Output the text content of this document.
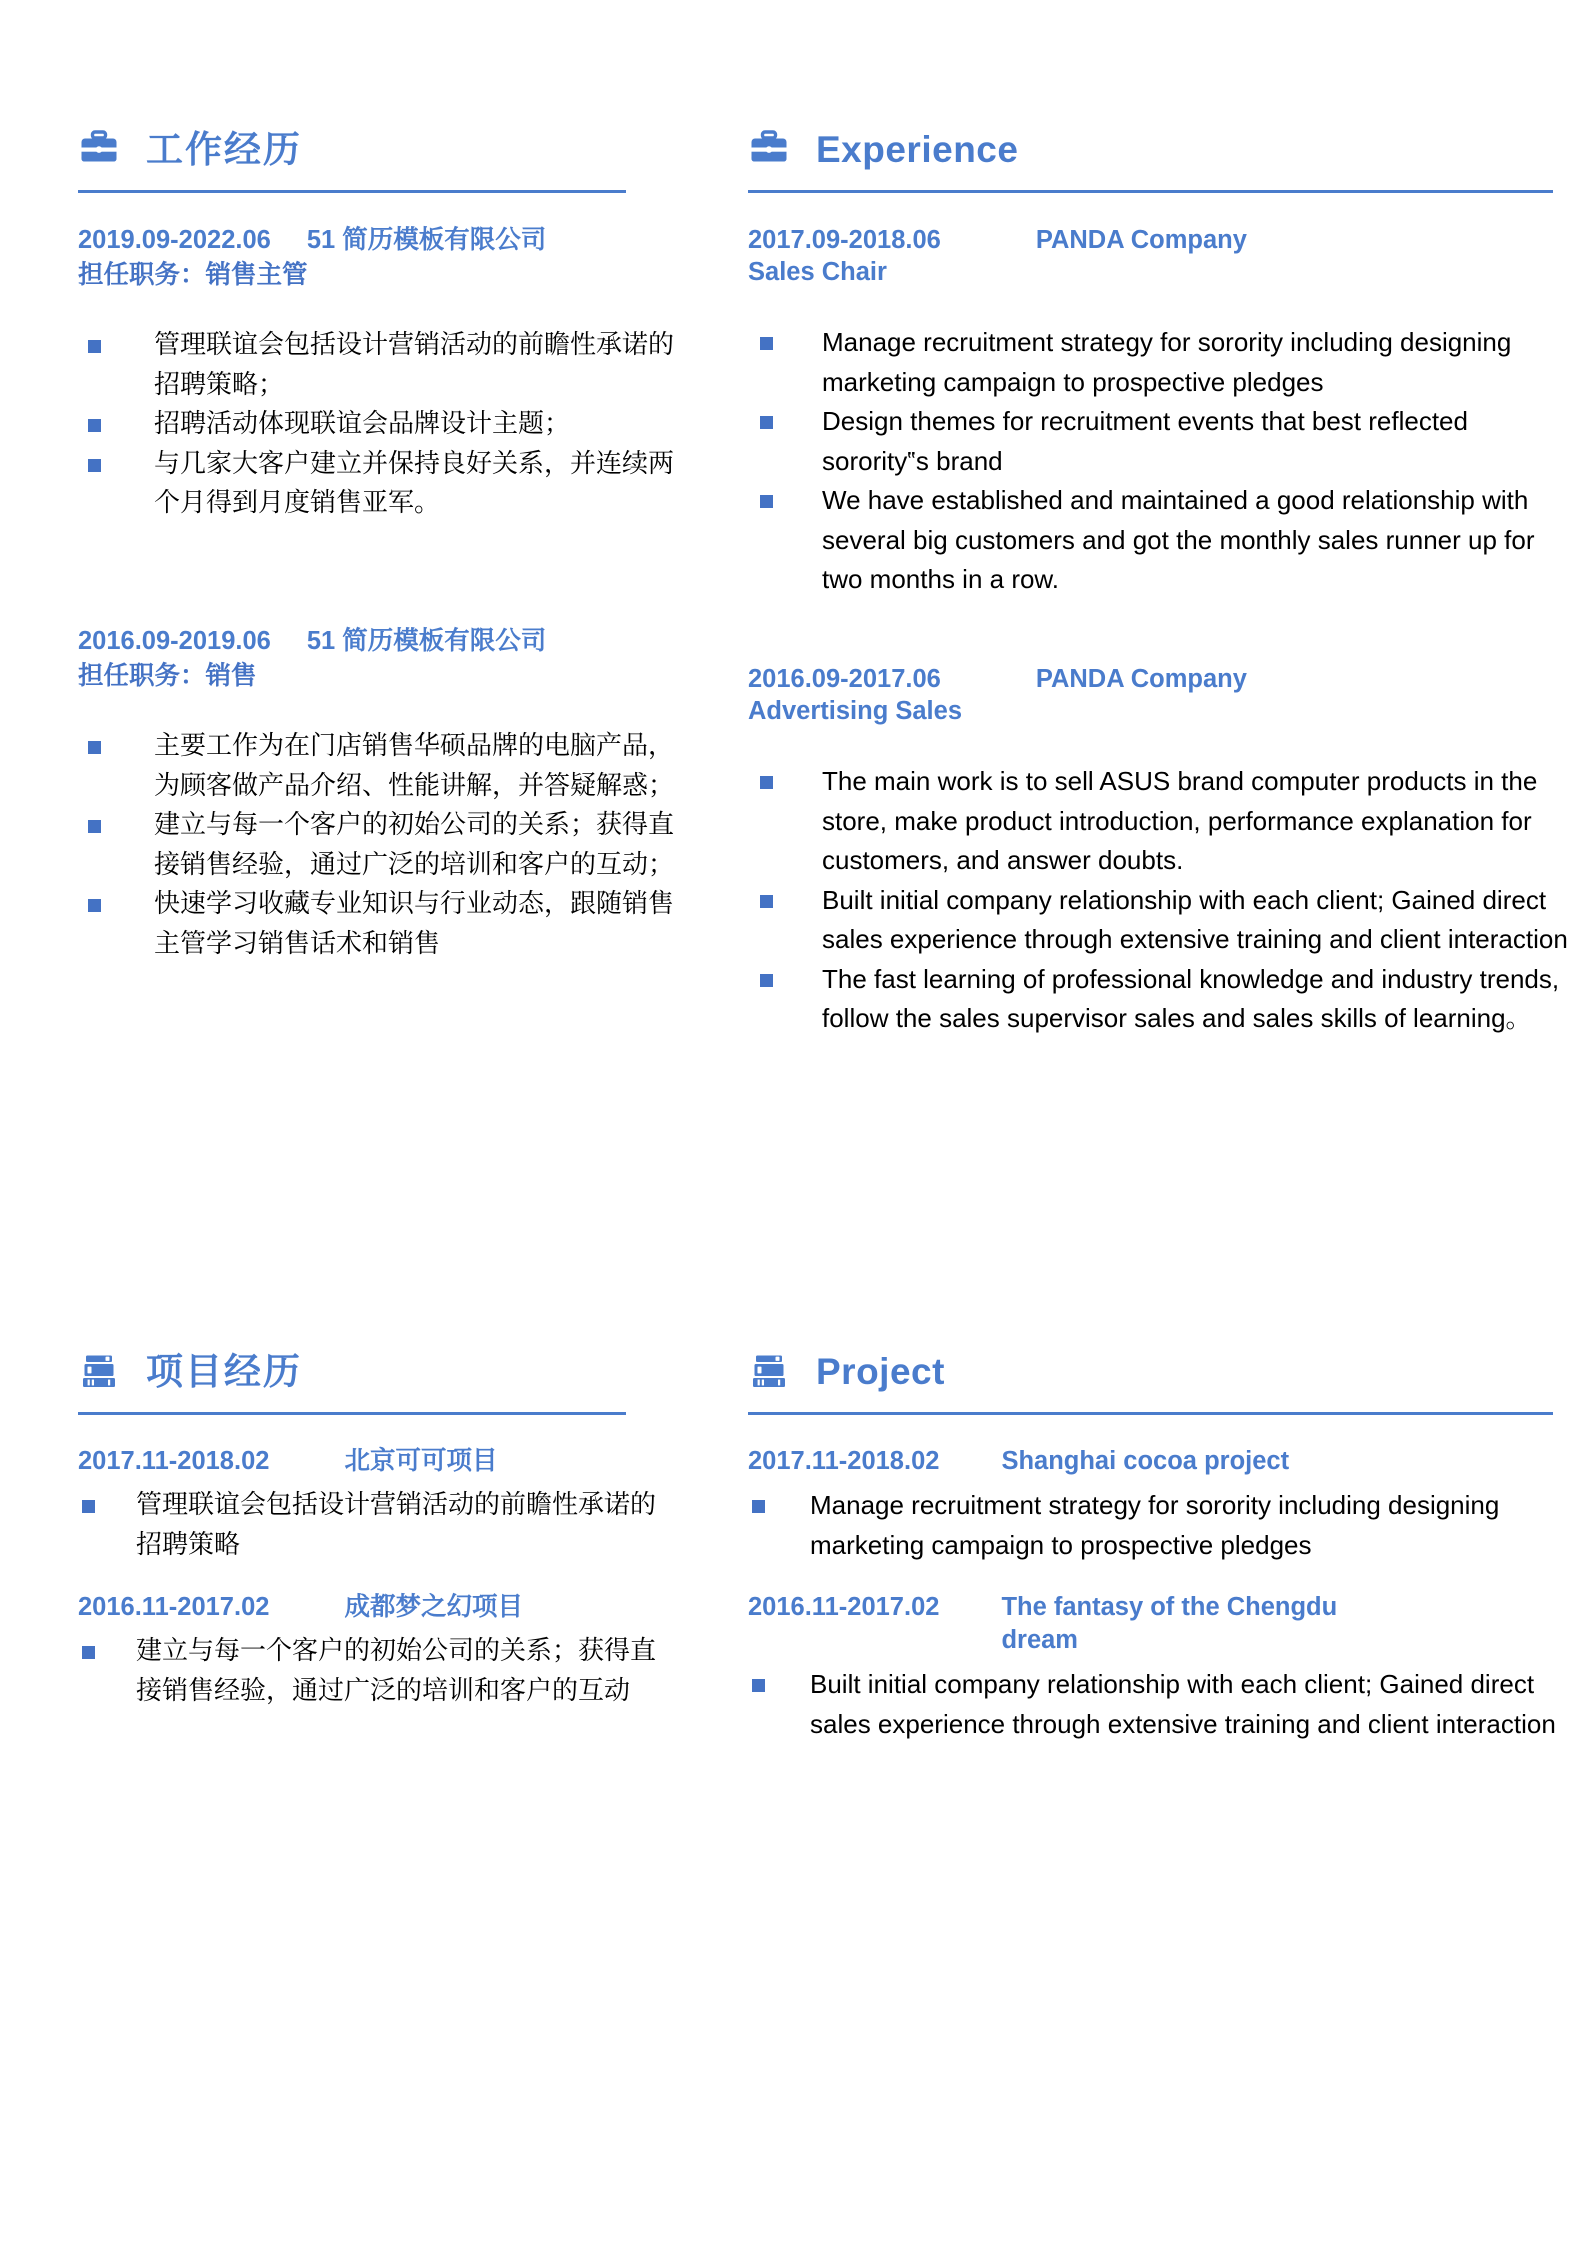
工作经历
2019.09-2022.06	51 简历模板有限公司
担任职务：销售主管
管理联谊会包括设计营销活动的前瞻性承诺的招聘策略；
招聘活动体现联谊会品牌设计主题；
与几家大客户建立并保持良好关系，并连续两个月得到月度销售亚军。
2016.09-2019.06	51 简历模板有限公司
担任职务：销售
主要工作为在门店销售华硕品牌的电脑产品，为顾客做产品介绍、性能讲解，并答疑解惑；
建立与每一个客户的初始公司的关系；获得直接销售经验，通过广泛的培训和客户的互动；
快速学习收藏专业知识与行业动态，跟随销售主管学习销售话术和销售
Experience
2017.09-2018.06	PANDA Company
Sales Chair
Manage recruitment strategy for sorority including designing marketing campaign to prospective pledges
Design themes for recruitment events that best reflected sorority‟s brand
We have established and maintained a good relationship with several big customers and got the monthly sales runner up for two months in a row.
2016.09-2017.06	PANDA Company
Advertising Sales
The main work is to sell ASUS brand computer products in the store, make product introduction, performance explanation for customers, and answer doubts.
Built initial company relationship with each client; Gained direct sales experience through extensive training and client interaction
The fast learning of professional knowledge and industry trends, follow the sales supervisor sales and sales skills of learning。
项目经历
2017.11-2018.02	北京可可项目
管理联谊会包括设计营销活动的前瞻性承诺的招聘策略
2016.11-2017.02	成都梦之幻项目
建立与每一个客户的初始公司的关系；获得直接销售经验，通过广泛的培训和客户的互动
Project
2017.11-2018.02	Shanghai cocoa project
Manage recruitment strategy for sorority including designing marketing campaign to prospective pledges
2016.11-2017.02	The fantasy of the Chengdu dream
Built initial company relationship with each client; Gained direct sales experience through extensive training and client interaction
